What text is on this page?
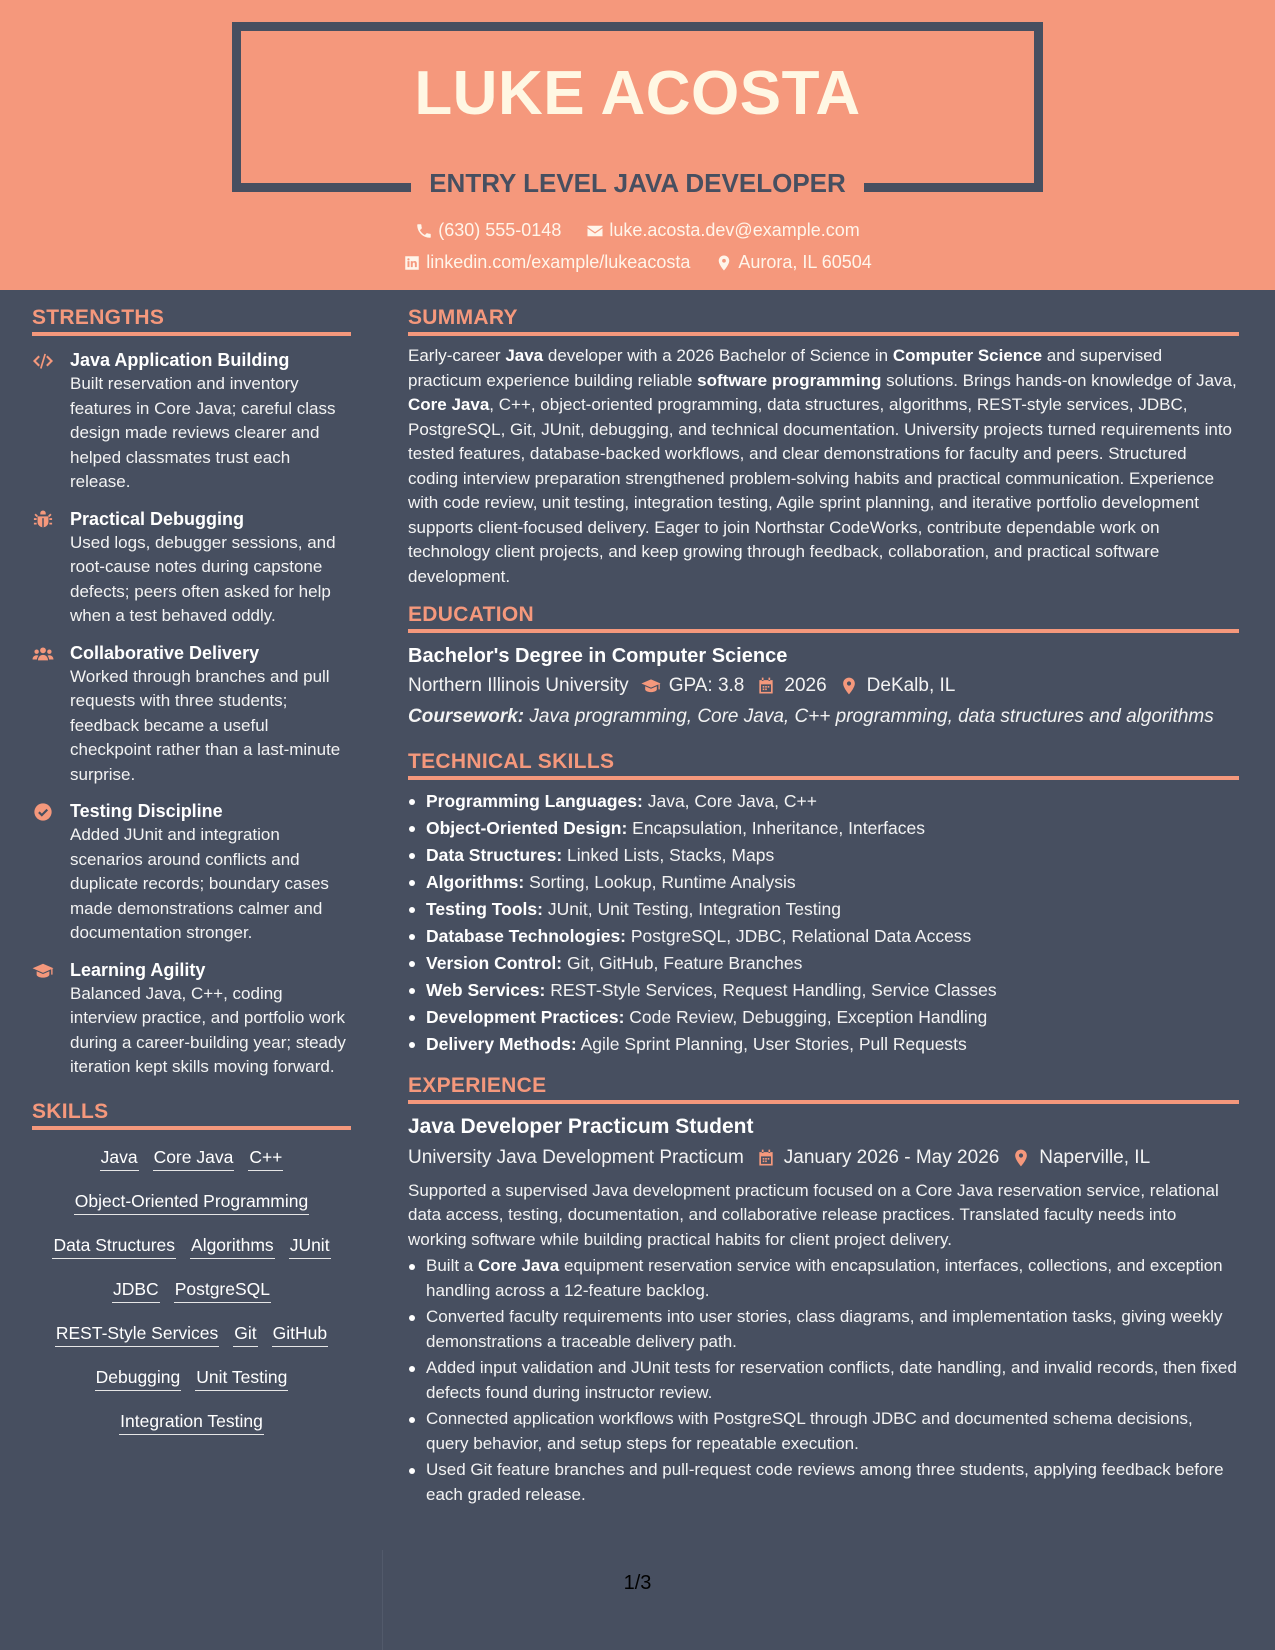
LUKE ACOSTA
ENTRY LEVEL JAVA DEVELOPER
(630) 555-0148
	luke.acosta.dev@example.com
linkedin.com/example/lukeacosta
	Aurora, IL 60504
STRENGTHS
Java Application Building
Built reservation and inventory features in Core Java; careful class design made reviews clearer and helped classmates trust each release.
Practical Debugging
Used logs, debugger sessions, and root-cause notes during capstone defects; peers often asked for help when a test behaved oddly.
Collaborative Delivery
Worked through branches and pull requests with three students; feedback became a useful checkpoint rather than a last-minute surprise.
Testing Discipline
Added JUnit and integration scenarios around conflicts and duplicate records; boundary cases made demonstrations calmer and documentation stronger.
Learning Agility
Balanced Java, C++, coding interview practice, and portfolio work during a career-building year; steady iteration kept skills moving forward.
SKILLS
Java Core Java C++
Object-Oriented Programming
Data Structures Algorithms JUnit
JDBC PostgreSQL
REST-Style Services Git GitHub
Debugging Unit Testing
Integration Testing
SUMMARY
Early-career Java developer with a 2026 Bachelor of Science in Computer Science and supervised practicum experience building reliable software programming solutions. Brings hands-on knowledge of Java, Core Java, C++, object-oriented programming, data structures, algorithms, REST-style services, JDBC, PostgreSQL, Git, JUnit, debugging, and technical documentation. University projects turned requirements into tested features, database-backed workflows, and clear demonstrations for faculty and peers. Structured coding interview preparation strengthened problem-solving habits and practical communication. Experience with code review, unit testing, integration testing, Agile sprint planning, and iterative portfolio development supports client-focused delivery. Eager to join Northstar CodeWorks, contribute dependable work on technology client projects, and keep growing through feedback, collaboration, and practical software development.
EDUCATION
Bachelor's Degree in Computer Science
Northern Illinois University GPA: 3.8 2026 DeKalb, IL
Coursework: Java programming, Core Java, C++ programming, data structures and algorithms
TECHNICAL SKILLS
Programming Languages: Java, Core Java, C++
Object-Oriented Design: Encapsulation, Inheritance, Interfaces
Data Structures: Linked Lists, Stacks, Maps
Algorithms: Sorting, Lookup, Runtime Analysis
Testing Tools: JUnit, Unit Testing, Integration Testing
Database Technologies: PostgreSQL, JDBC, Relational Data Access
Version Control: Git, GitHub, Feature Branches
Web Services: REST-Style Services, Request Handling, Service Classes
Development Practices: Code Review, Debugging, Exception Handling
Delivery Methods: Agile Sprint Planning, User Stories, Pull Requests
EXPERIENCE
Java Developer Practicum Student
University Java Development Practicum January 2026 - May 2026 Naperville, IL
Supported a supervised Java development practicum focused on a Core Java reservation service, relational data access, testing, documentation, and collaborative release practices. Translated faculty needs into working software while building practical habits for client project delivery.
Built a Core Java equipment reservation service with encapsulation, interfaces, collections, and exception handling across a 12-feature backlog.
Converted faculty requirements into user stories, class diagrams, and implementation tasks, giving weekly demonstrations a traceable delivery path.
Added input validation and JUnit tests for reservation conflicts, date handling, and invalid records, then fixed defects found during instructor review.
Connected application workflows with PostgreSQL through JDBC and documented schema decisions, query behavior, and setup steps for repeatable execution.
Used Git feature branches and pull-request code reviews among three students, applying feedback before each graded release.
1/3
